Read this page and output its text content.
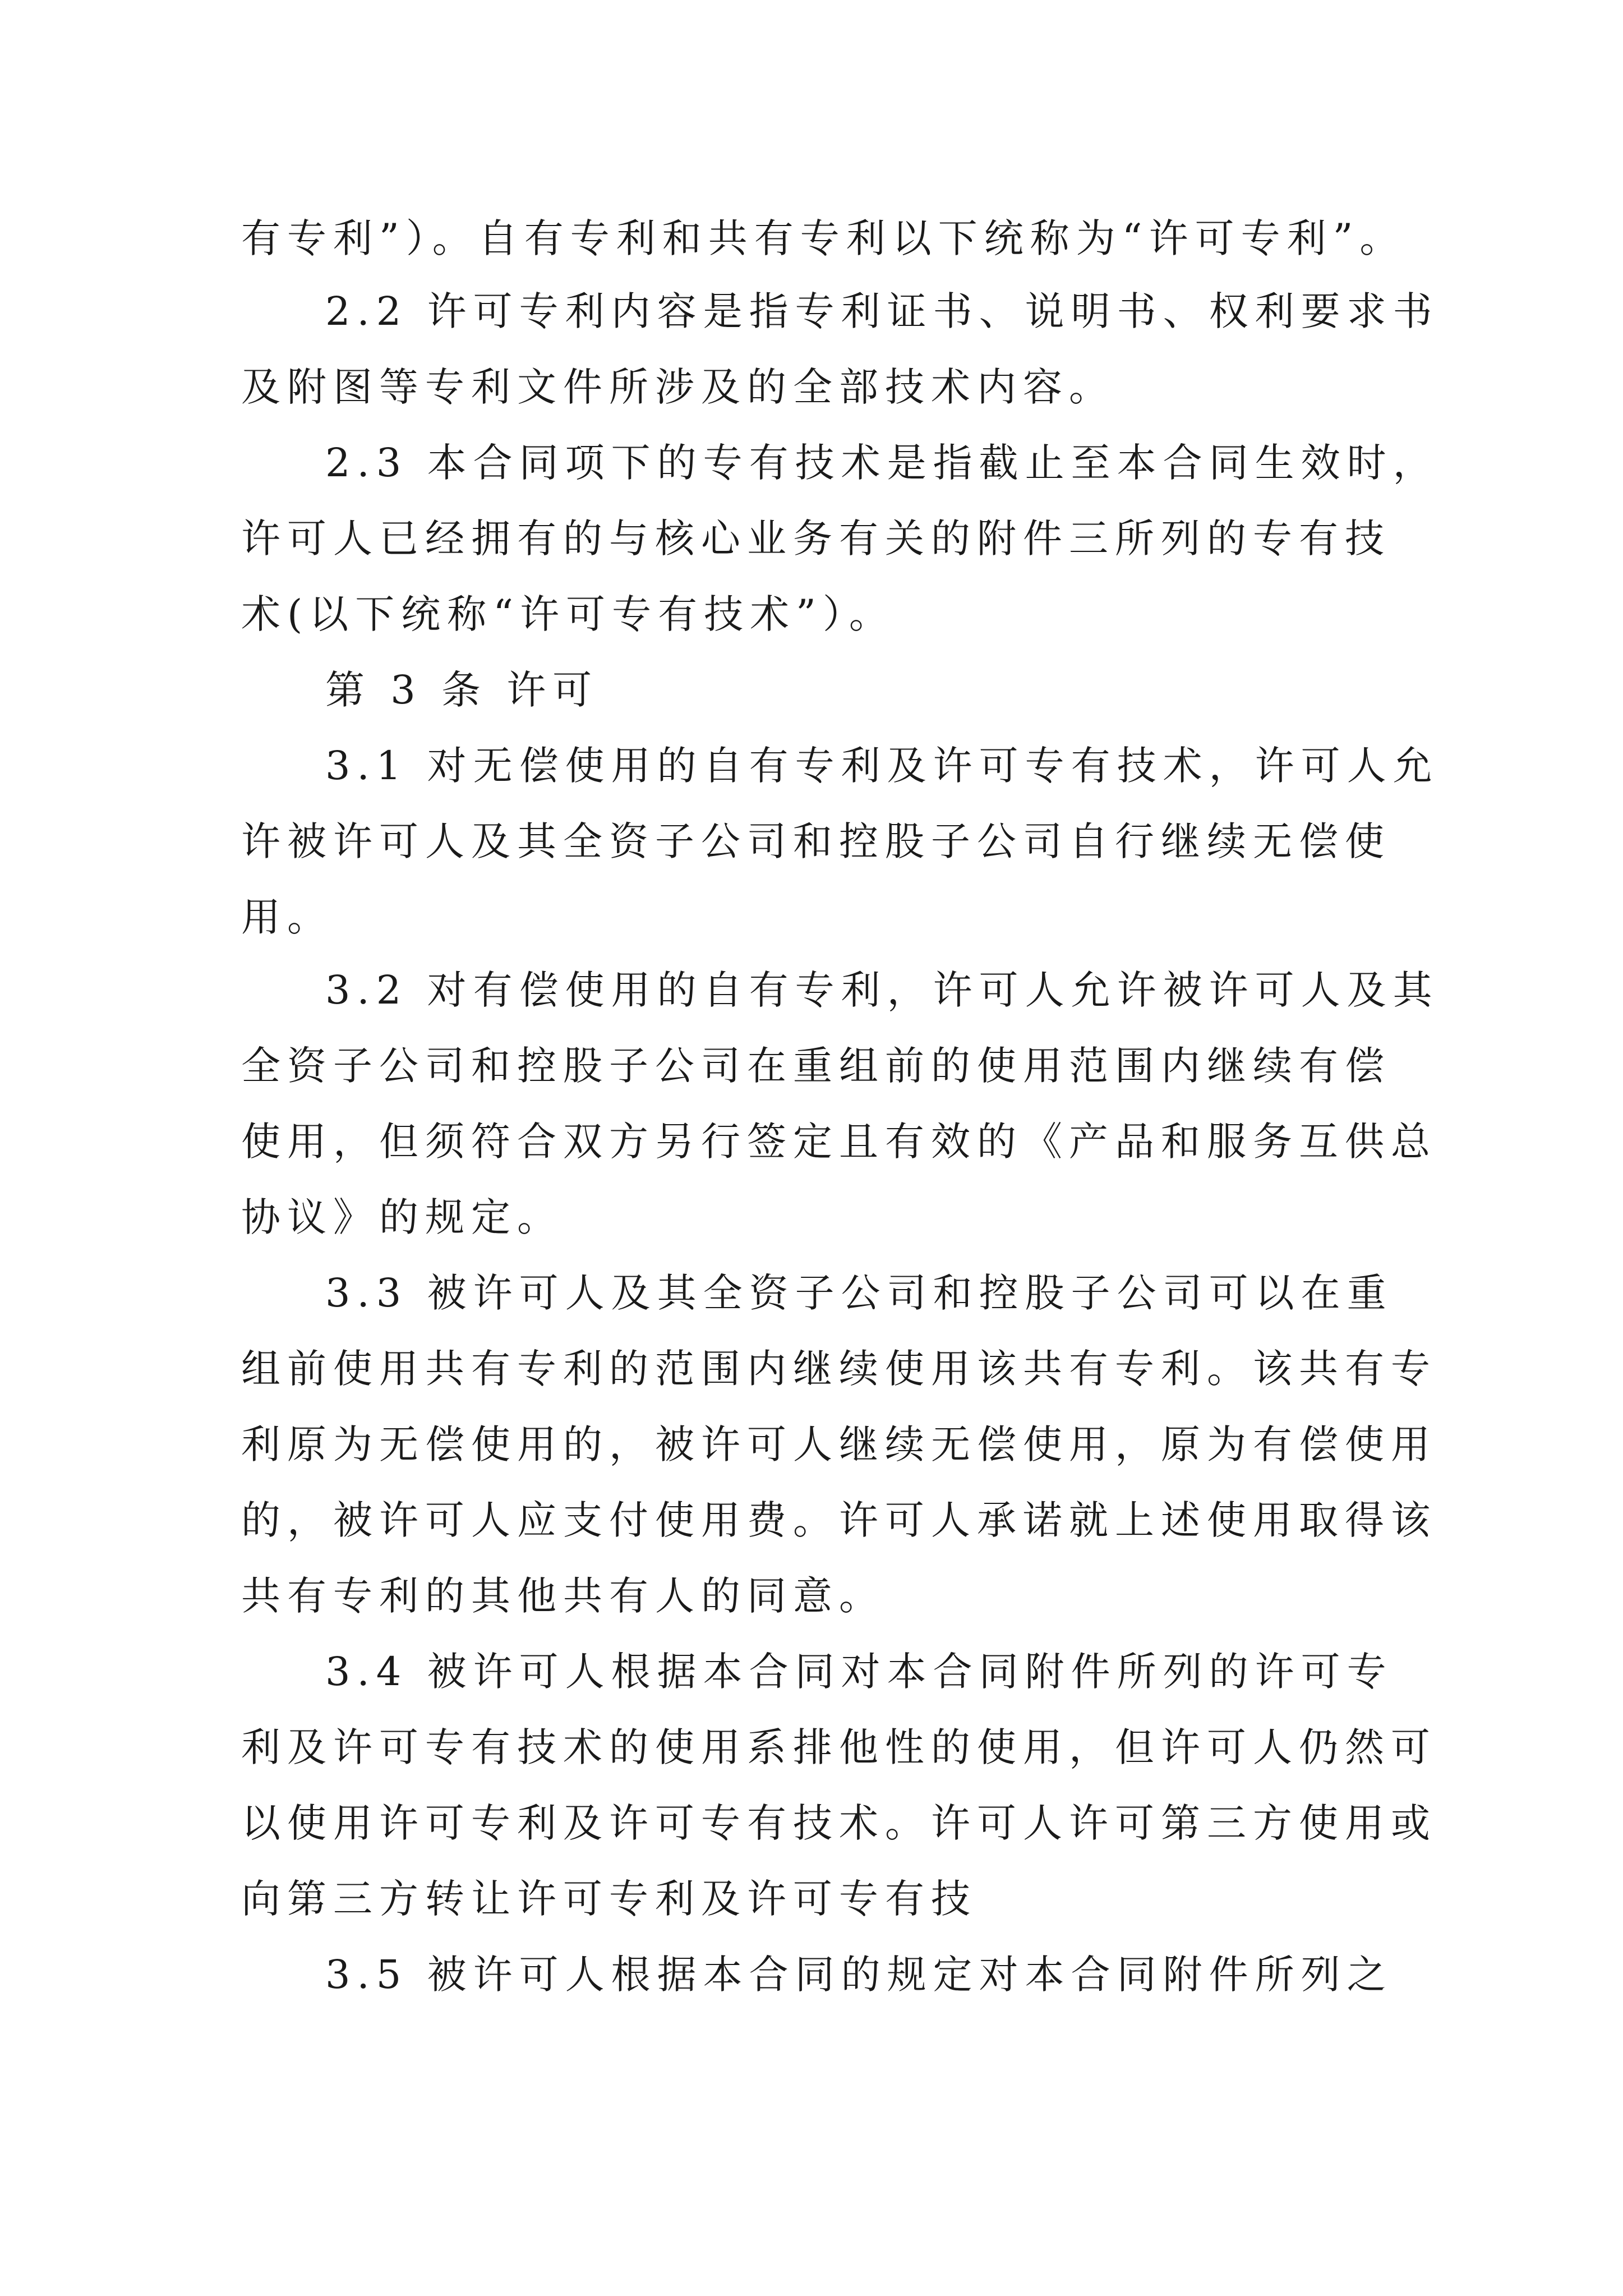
有专利”）。自有专利和共有专利以下统称为“许可专利”。
2.2 许可专利内容是指专利证书、说明书、权利要求书
及附图等专利文件所涉及的全部技术内容。
2.3 本合同项下的专有技术是指截止至本合同生效时，
许可人已经拥有的与核心业务有关的附件三所列的专有技
术(以下统称“许可专有技术”）。
第 3 条 许可
3.1 对无偿使用的自有专利及许可专有技术，许可人允
许被许可人及其全资子公司和控股子公司自行继续无偿使
用。
3.2 对有偿使用的自有专利，许可人允许被许可人及其
全资子公司和控股子公司在重组前的使用范围内继续有偿
使用，但须符合双方另行签定且有效的《产品和服务互供总
协议》的规定。
3.3 被许可人及其全资子公司和控股子公司可以在重
组前使用共有专利的范围内继续使用该共有专利。该共有专
利原为无偿使用的，被许可人继续无偿使用，原为有偿使用
的，被许可人应支付使用费。许可人承诺就上述使用取得该
共有专利的其他共有人的同意。
3.4 被许可人根据本合同对本合同附件所列的许可专
利及许可专有技术的使用系排他性的使用，但许可人仍然可
以使用许可专利及许可专有技术。许可人许可第三方使用或
向第三方转让许可专利及许可专有技
3.5 被许可人根据本合同的规定对本合同附件所列之
